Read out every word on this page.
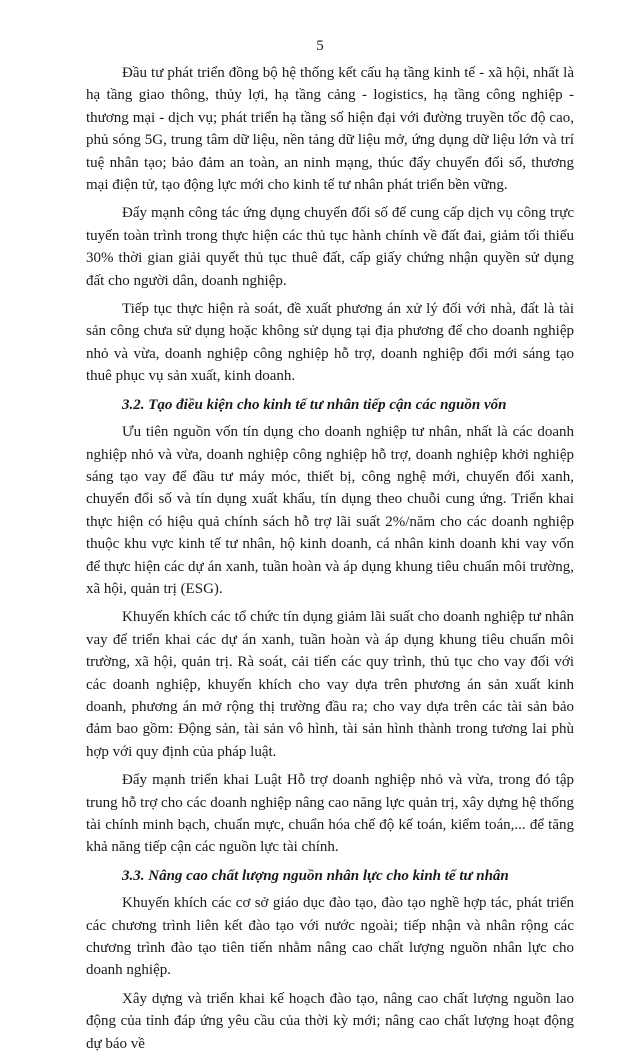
5

Đầu tư phát triển đồng bộ hệ thống kết cấu hạ tầng kinh tế - xã hội, nhất là hạ tầng giao thông, thủy lợi, hạ tầng cảng - logistics, hạ tầng công nghiệp - thương mại - dịch vụ; phát triển hạ tầng số hiện đại với đường truyền tốc độ cao, phủ sóng 5G, trung tâm dữ liệu, nền tảng dữ liệu mở, ứng dụng dữ liệu lớn và trí tuệ nhân tạo; bảo đảm an toàn, an ninh mạng, thúc đẩy chuyển đổi số, thương mại điện tử, tạo động lực mới cho kinh tế tư nhân phát triển bền vững.

Đẩy mạnh công tác ứng dụng chuyển đổi số để cung cấp dịch vụ công trực tuyến toàn trình trong thực hiện các thủ tục hành chính về đất đai, giảm tối thiểu 30% thời gian giải quyết thủ tục thuê đất, cấp giấy chứng nhận quyền sử dụng đất cho người dân, doanh nghiệp.

Tiếp tục thực hiện rà soát, đề xuất phương án xử lý đối với nhà, đất là tài sản công chưa sử dụng hoặc không sử dụng tại địa phương để cho doanh nghiệp nhỏ và vừa, doanh nghiệp công nghiệp hỗ trợ, doanh nghiệp đổi mới sáng tạo thuê phục vụ sản xuất, kinh doanh.

3.2. Tạo điều kiện cho kinh tế tư nhân tiếp cận các nguồn vốn

Ưu tiên nguồn vốn tín dụng cho doanh nghiệp tư nhân, nhất là các doanh nghiệp nhỏ và vừa, doanh nghiệp công nghiệp hỗ trợ, doanh nghiệp khởi nghiệp sáng tạo vay để đầu tư máy móc, thiết bị, công nghệ mới, chuyển đổi xanh, chuyển đổi số và tín dụng xuất khẩu, tín dụng theo chuỗi cung ứng. Triển khai thực hiện có hiệu quả chính sách hỗ trợ lãi suất 2%/năm cho các doanh nghiệp thuộc khu vực kinh tế tư nhân, hộ kinh doanh, cá nhân kinh doanh khi vay vốn để thực hiện các dự án xanh, tuần hoàn và áp dụng khung tiêu chuẩn môi trường, xã hội, quản trị (ESG).

Khuyến khích các tổ chức tín dụng giảm lãi suất cho doanh nghiệp tư nhân vay để triển khai các dự án xanh, tuần hoàn và áp dụng khung tiêu chuẩn môi trường, xã hội, quản trị. Rà soát, cải tiến các quy trình, thủ tục cho vay đối với các doanh nghiệp, khuyến khích cho vay dựa trên phương án sản xuất kinh doanh, phương án mở rộng thị trường đầu ra; cho vay dựa trên các tài sản bảo đảm bao gồm: Động sản, tài sản vô hình, tài sản hình thành trong tương lai phù hợp với quy định của pháp luật.

Đẩy mạnh triển khai Luật Hỗ trợ doanh nghiệp nhỏ và vừa, trong đó tập trung hỗ trợ cho các doanh nghiệp nâng cao năng lực quản trị, xây dựng hệ thống tài chính minh bạch, chuẩn mực, chuẩn hóa chế độ kế toán, kiểm toán,... để tăng khả năng tiếp cận các nguồn lực tài chính.

3.3. Nâng cao chất lượng nguồn nhân lực cho kinh tế tư nhân

Khuyến khích các cơ sở giáo dục đào tạo, đào tạo nghề hợp tác, phát triển các chương trình liên kết đào tạo với nước ngoài; tiếp nhận và nhân rộng các chương trình đào tạo tiên tiến nhằm nâng cao chất lượng nguồn nhân lực cho doanh nghiệp.

Xây dựng và triển khai kế hoạch đào tạo, nâng cao chất lượng nguồn lao động của tỉnh đáp ứng yêu cầu của thời kỳ mới; nâng cao chất lượng hoạt động dự báo về
